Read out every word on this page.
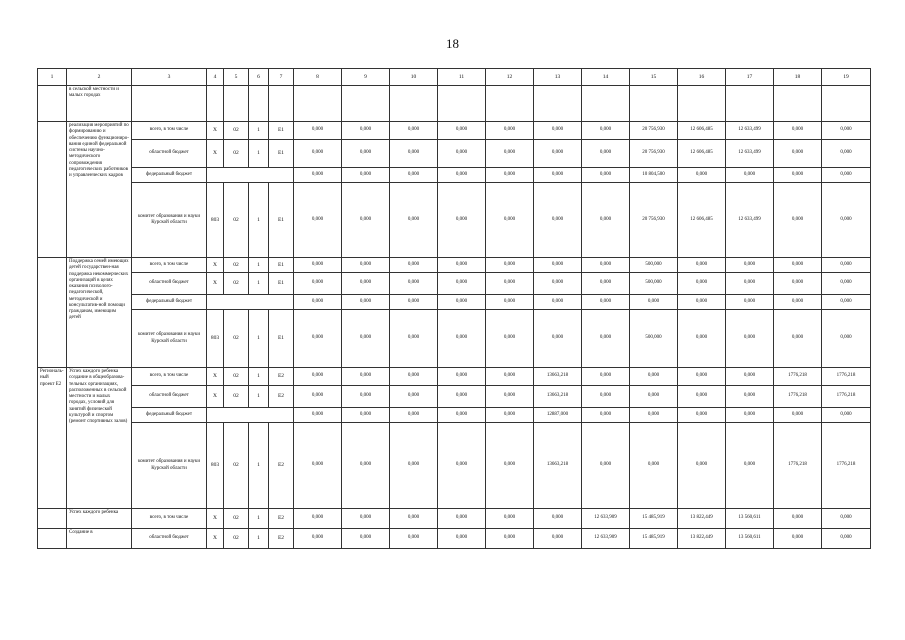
18
1	2	3	4	5	6	7	8	9	10	11	12	13	14	15	16	17	18	19
	в сельской местности и малых городах																	
	реализация мероприятий по формированию и обеспечению функциониро-вания единой федеральной системы научно-методического сопровождения педагогических работников и управленческих кадров	всего, в том числе	X	02	1	E1	0,000	0,000	0,000	0,000	0,000	0,000	0,000	20 756,930	12 606,485	12 633,499	0,000	0,000
		областной бюджет	X	02	1	E1	0,000	0,000	0,000	0,000	0,000	0,000	0,000	20 756,930	12 606,485	12 633,499	0,000	0,000
		федеральный бюджет					0,000	0,000	0,000	0,000	0,000	0,000	0,000	10 804,500	0,000	0,000	0,000	0,000
		комитет образования и науки Курской области	803	02	1	E1	0,000	0,000	0,000	0,000	0,000	0,000	0,000	20 756,930	12 606,485	12 633,499	0,000	0,000
	Поддержка семей имеющих детей государствен-ная поддержка некоммерческих организаций в целях оказания психолого-педагогической, методической и консультатив-ной помощи гражданам, имеющим детей	всего, в том числе	X	02	1	E1	0,000	0,000	0,000	0,000	0,000	0,000	0,000	500,000	0,000	0,000	0,000	0,000
		областной бюджет	X	02	1	E1	0,000	0,000	0,000	0,000	0,000	0,000	0,000	500,000	0,000	0,000	0,000	0,000
		федеральный бюджет					0,000	0,000	0,000	0,000	0,000	0,000	0,000	0,000	0,000	0,000	0,000	0,000
		комитет образования и науки Курской области	803	02	1	E1	0,000	0,000	0,000	0,000	0,000	0,000	0,000	500,000	0,000	0,000	0,000	0,000
Региональ-ный проект E2	Успех каждого ребенка создание в общеобразова-тельных организациях, расположенных в сельской местности и малых городах, условий для занятий физической культурой и спортом (ремонт спортивных залов)	всего, в том числе	X	02	1	E2	0,000	0,000	0,000	0,000	0,000	13663,218	0,000	0,000	0,000	0,000	1776,218	1776,218
		областной бюджет	X	02	1	E2	0,000	0,000	0,000	0,000	0,000	13663,218	0,000	0,000	0,000	0,000	1776,218	1776,218
		федеральный бюджет					0,000	0,000	0,000	0,000	0,000	12887,000	0,000	0,000	0,000	0,000	0,000	0,000
		комитет образования и науки Курской области	803	02	1	E2	0,000	0,000	0,000	0,000	0,000	13663,218	0,000	0,000	0,000	0,000	1776,218	1776,218
	Успех каждого ребенка	всего, в том числе	X	02	1	E2	0,000	0,000	0,000	0,000	0,000	0,000	12 633,909	15 485,919	13 822,449	13 560,611	0,000	0,000
	Создание в	областной бюджет	X	02	1	E2	0,000	0,000	0,000	0,000	0,000	0,000	12 633,909	15 485,919	13 822,449	13 560,611	0,000	0,000
